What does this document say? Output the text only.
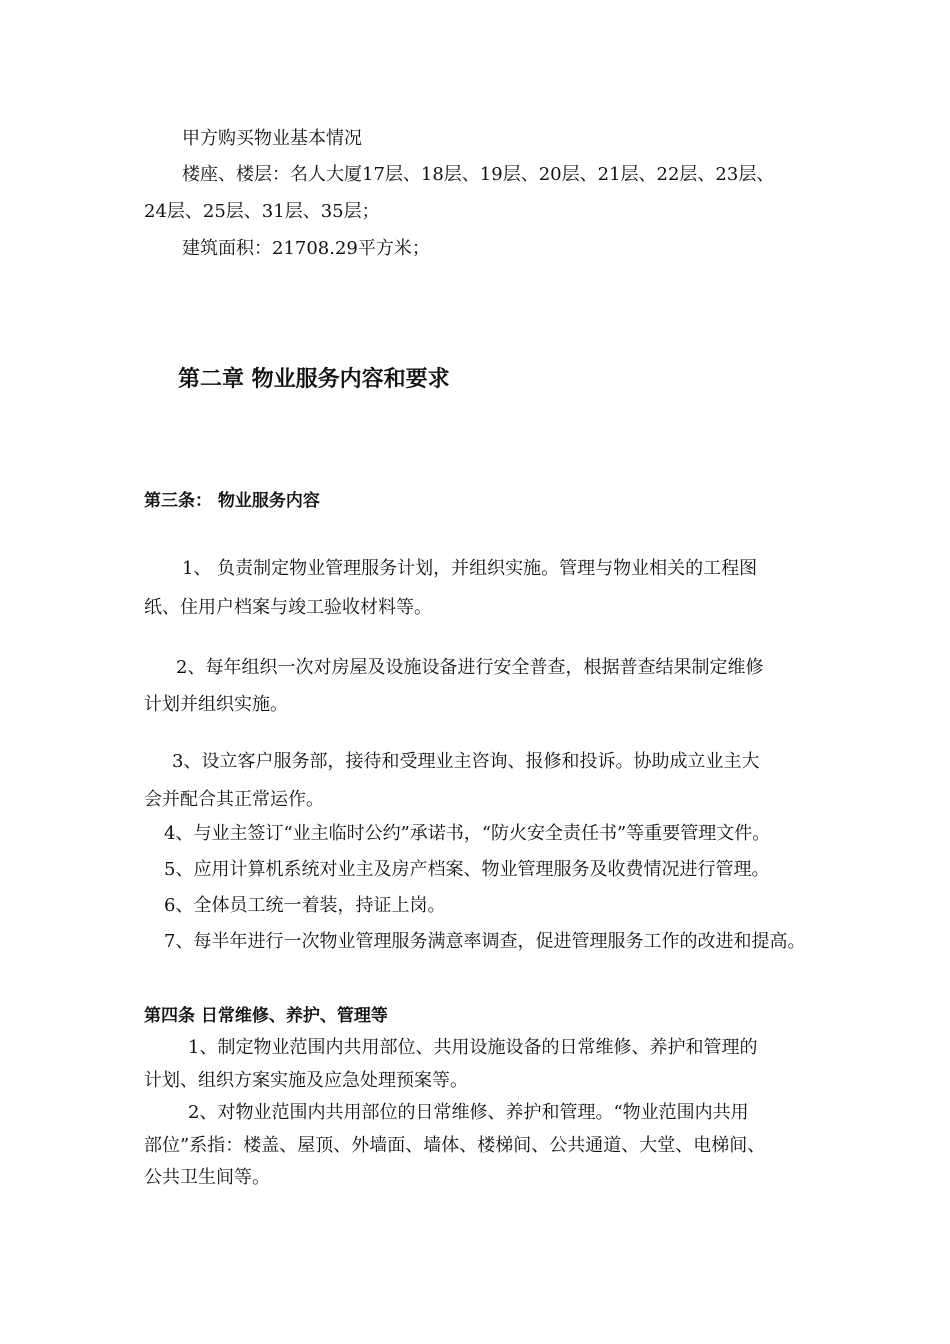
甲方购买物业基本情况
楼座、楼层：名人大厦17层、18层、19层、20层、21层、22层、23层、
24层、25层、31层、35层；
建筑面积：21708.29平方米；
第二章 物业服务内容和要求
第三条： 物业服务内容
1、 负责制定物业管理服务计划，并组织实施。管理与物业相关的工程图
纸、住用户档案与竣工验收材料等。
2、每年组织一次对房屋及设施设备进行安全普查，根据普查结果制定维修
计划并组织实施。
3、设立客户服务部，接待和受理业主咨询、报修和投诉。协助成立业主大
会并配合其正常运作。
4、与业主签订“业主临时公约”承诺书，“防火安全责任书”等重要管理文件。
5、应用计算机系统对业主及房产档案、物业管理服务及收费情况进行管理。
6、全体员工统一着装，持证上岗。
7、每半年进行一次物业管理服务满意率调查，促进管理服务工作的改进和提高。
第四条 日常维修、养护、管理等
1、制定物业范围内共用部位、共用设施设备的日常维修、养护和管理的
计划、组织方案实施及应急处理预案等。
2、对物业范围内共用部位的日常维修、养护和管理。“物业范围内共用
部位”系指：楼盖、屋顶、外墙面、墙体、楼梯间、公共通道、大堂、电梯间、
公共卫生间等。
